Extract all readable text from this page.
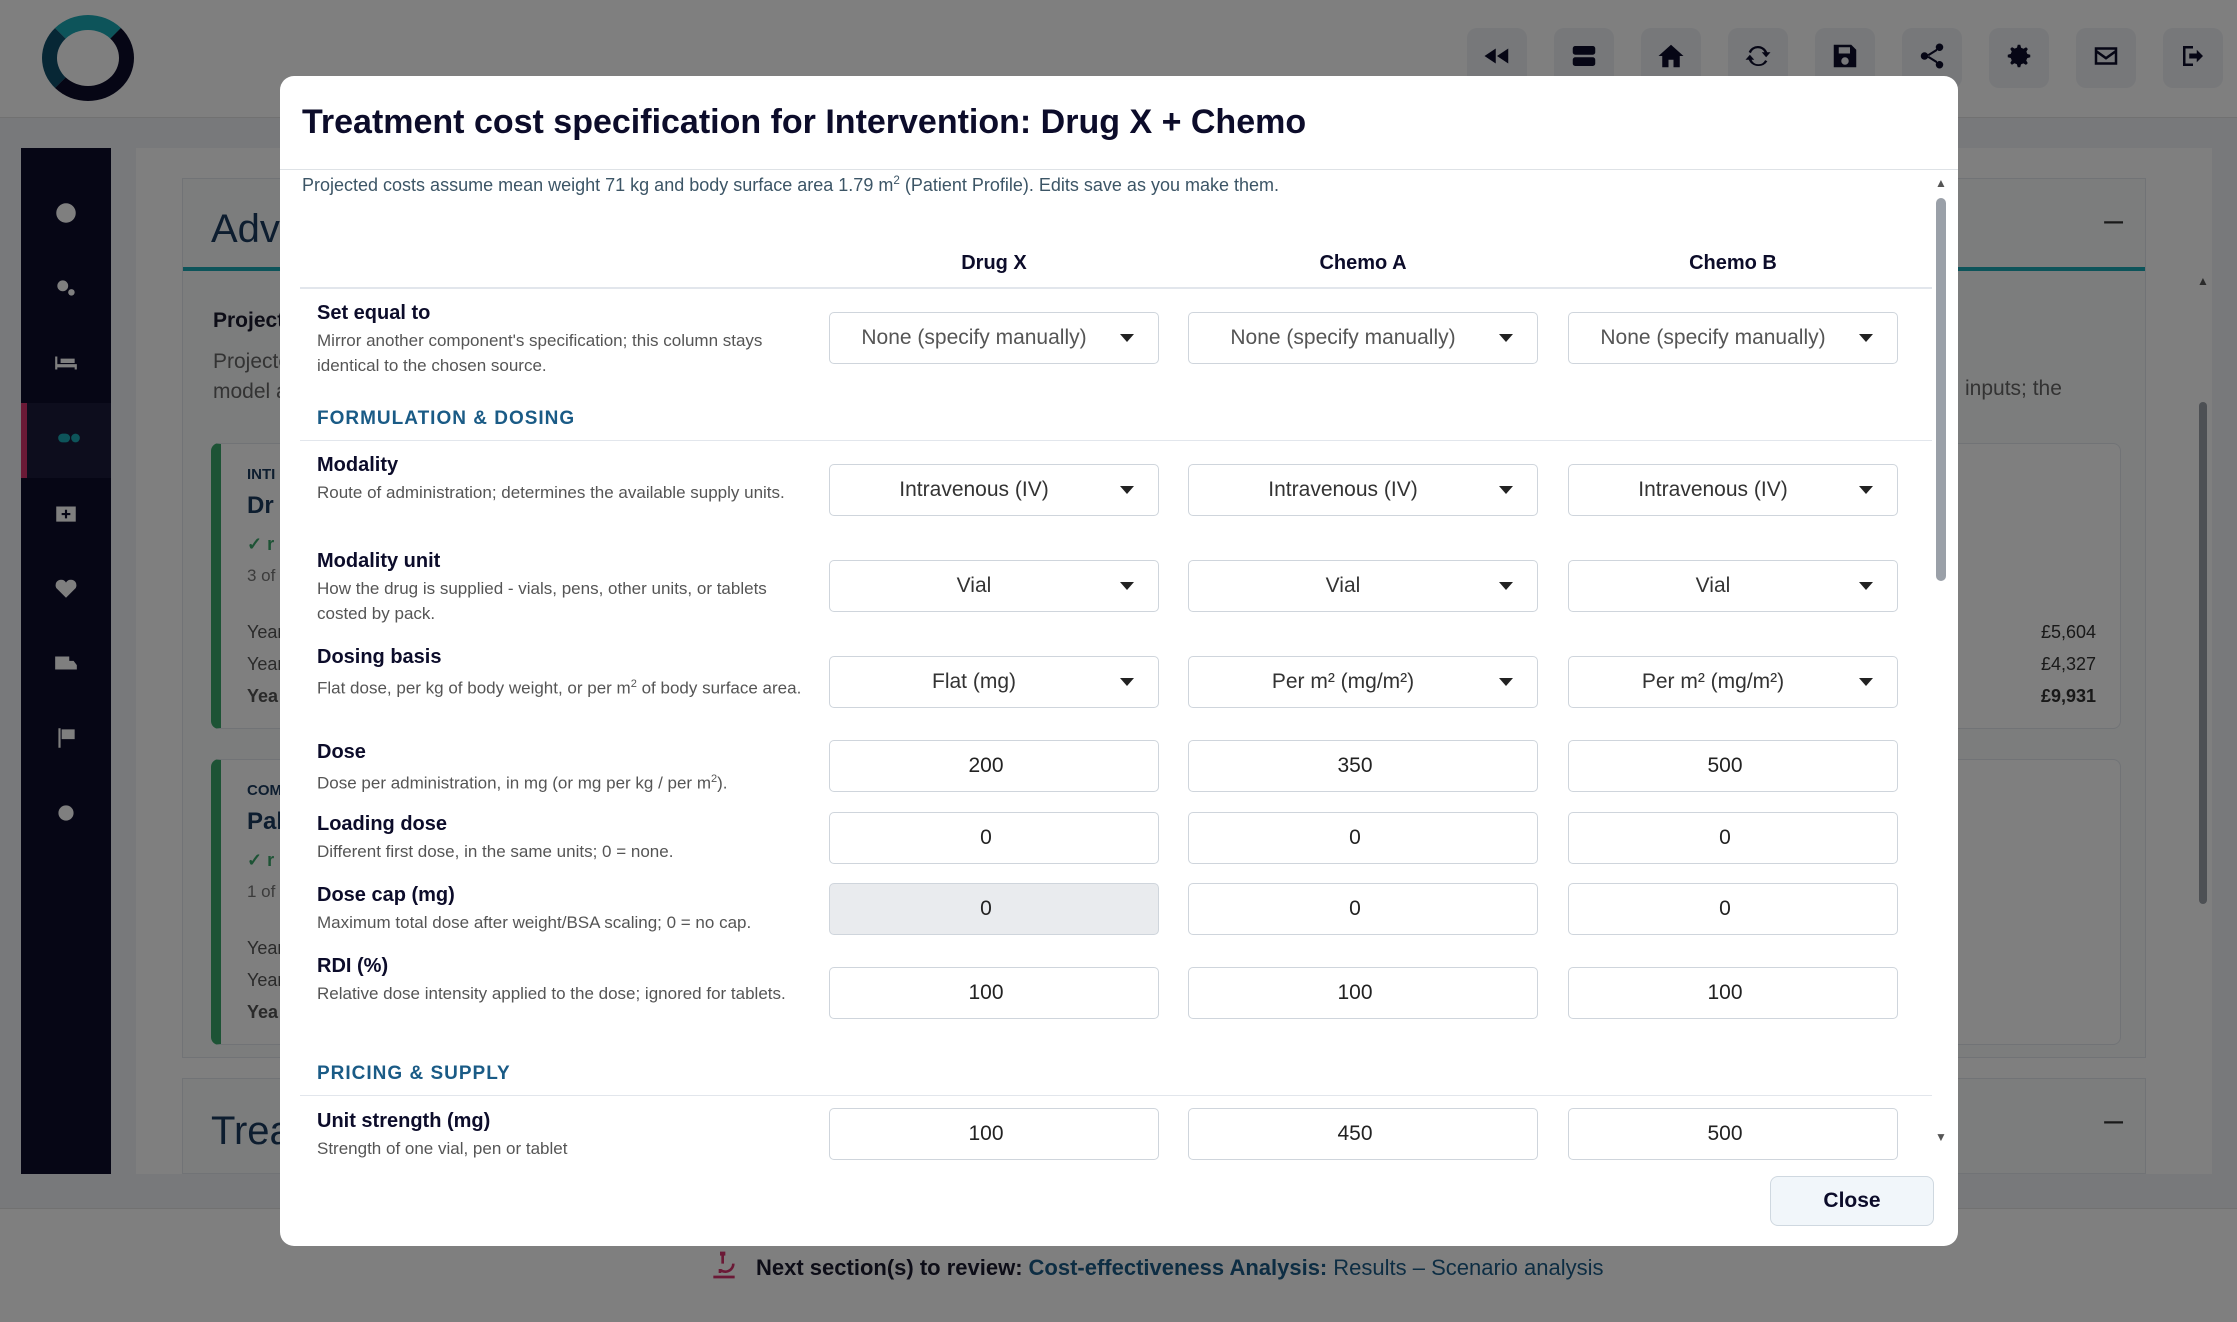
Treatment cost specification for Intervention: Drug X + Chemo
Projected costs assume mean weight 71 kg and body surface area 1.79 $m^2$ (Patient Profile). Edits save as you make them.
Drug X	Chemo A	Chemo B
Set equal to
Mirror another component's specification; this column stays identical to the chosen source.
None (specify manually)	None (specify manually)	None (specify manually)
FORMULATION & DOSING
Modality
Route of administration; determines the available supply units.	Intravenous (IV)	Intravenous (IV)	Intravenous (IV)
Modality unit
How the drug is supplied - vials, pens, other units, or tablets costed by pack.
Vial	Vial	Vial
Dosing basis
Flat dose, per kg of body weight, or per $m^2$ of body surface area.	Flat (mg)	Per m² (mg/m²)	Per m² (mg/m²)
Dose
Dose per administration, in mg (or mg per kg / per $m^2$).
200	350	500
Loading dose
Different first dose, in the same units; 0 = none.
0	0	0
Dose cap (mg)
Maximum total dose after weight/BSA scaling; 0 = no cap.
0	0	0
RDI (%)
Relative dose intensity applied to the dose; ignored for tablets.	100	100	100
PRICING & SUPPLY
Unit strength (mg)
Strength of one vial, pen or tablet
100	450	500
▲
▼
Close
